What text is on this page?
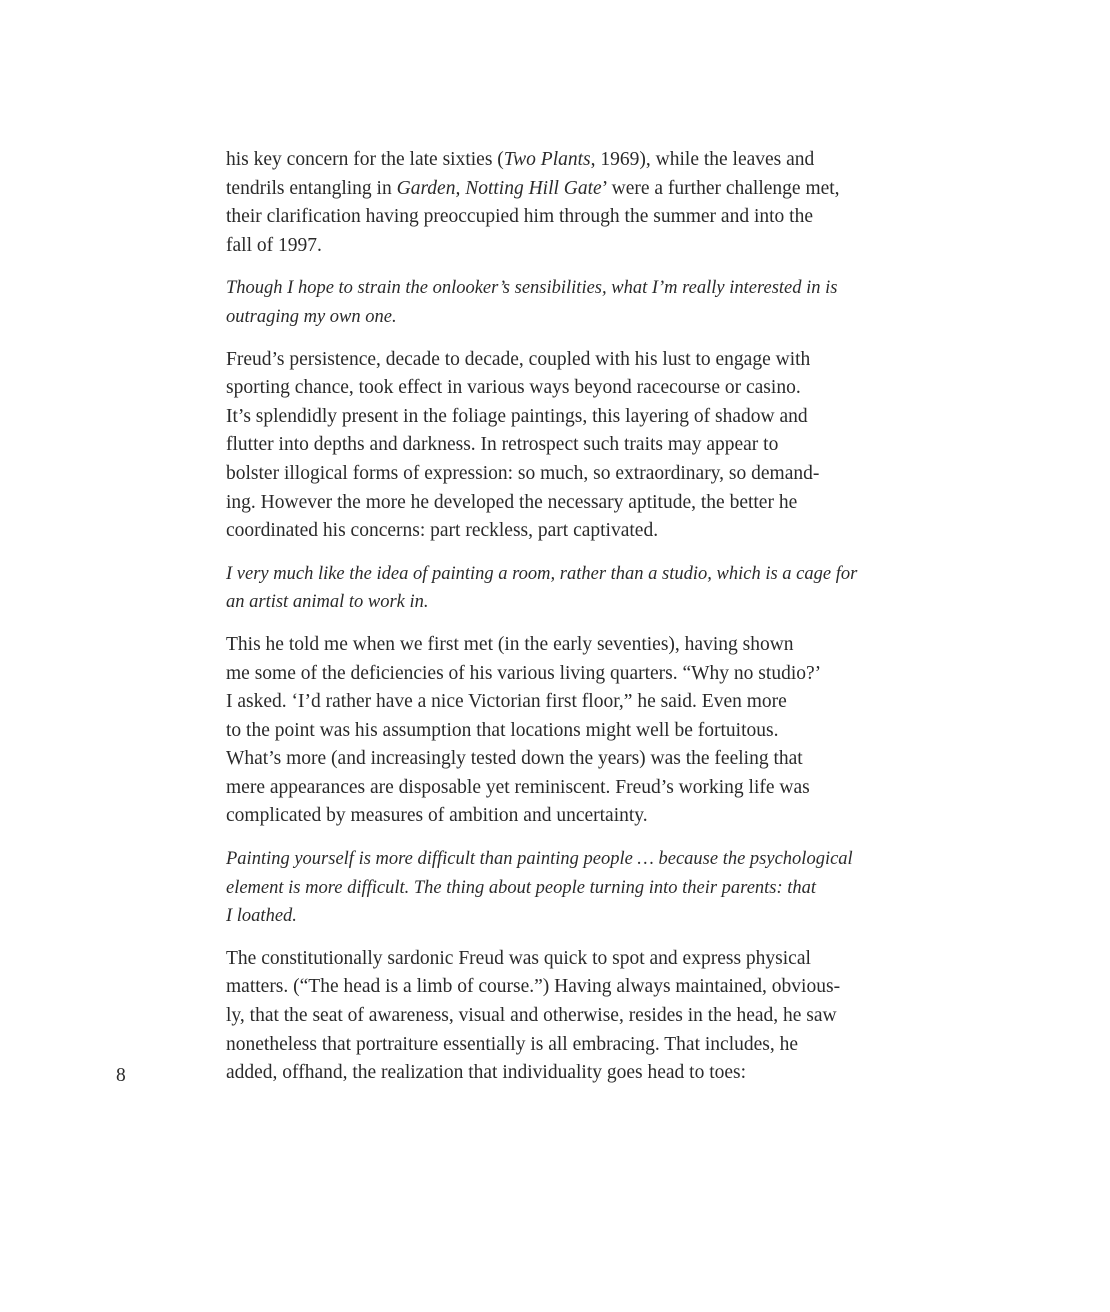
his key concern for the late sixties (Two Plants, 1969), while the leaves and
tendrils entangling in Garden, Notting Hill Gate’ were a further challenge met,
their clarification having preoccupied him through the summer and into the
fall of 1997.
Though I hope to strain the onlooker’s sensibilities, what I’m really interested in is
outraging my own one.
Freud’s persistence, decade to decade, coupled with his lust to engage with
sporting chance, took effect in various ways beyond racecourse or casino.
It’s splendidly present in the foliage paintings, this layering of shadow and
flutter into depths and darkness. In retrospect such traits may appear to
bolster illogical forms of expression: so much, so extraordinary, so demand-
ing. However the more he developed the necessary aptitude, the better he
coordinated his concerns: part reckless, part captivated.
I very much like the idea of painting a room, rather than a studio, which is a cage for
an artist animal to work in.
This he told me when we first met (in the early seventies), having shown
me some of the deficiencies of his various living quarters. “Why no studio?’
I asked. ‘I’d rather have a nice Victorian first floor,” he said. Even more
to the point was his assumption that locations might well be fortuitous.
What’s more (and increasingly tested down the years) was the feeling that
mere appearances are disposable yet reminiscent. Freud’s working life was
complicated by measures of ambition and uncertainty.
Painting yourself is more difficult than painting people … because the psychological
element is more difficult. The thing about people turning into their parents: that
I loathed.
The constitutionally sardonic Freud was quick to spot and express physical
matters. (“The head is a limb of course.”) Having always maintained, obvious-
ly, that the seat of awareness, visual and otherwise, resides in the head, he saw
nonetheless that portraiture essentially is all embracing. That includes, he
added, offhand, the realization that individuality goes head to toes:
8
